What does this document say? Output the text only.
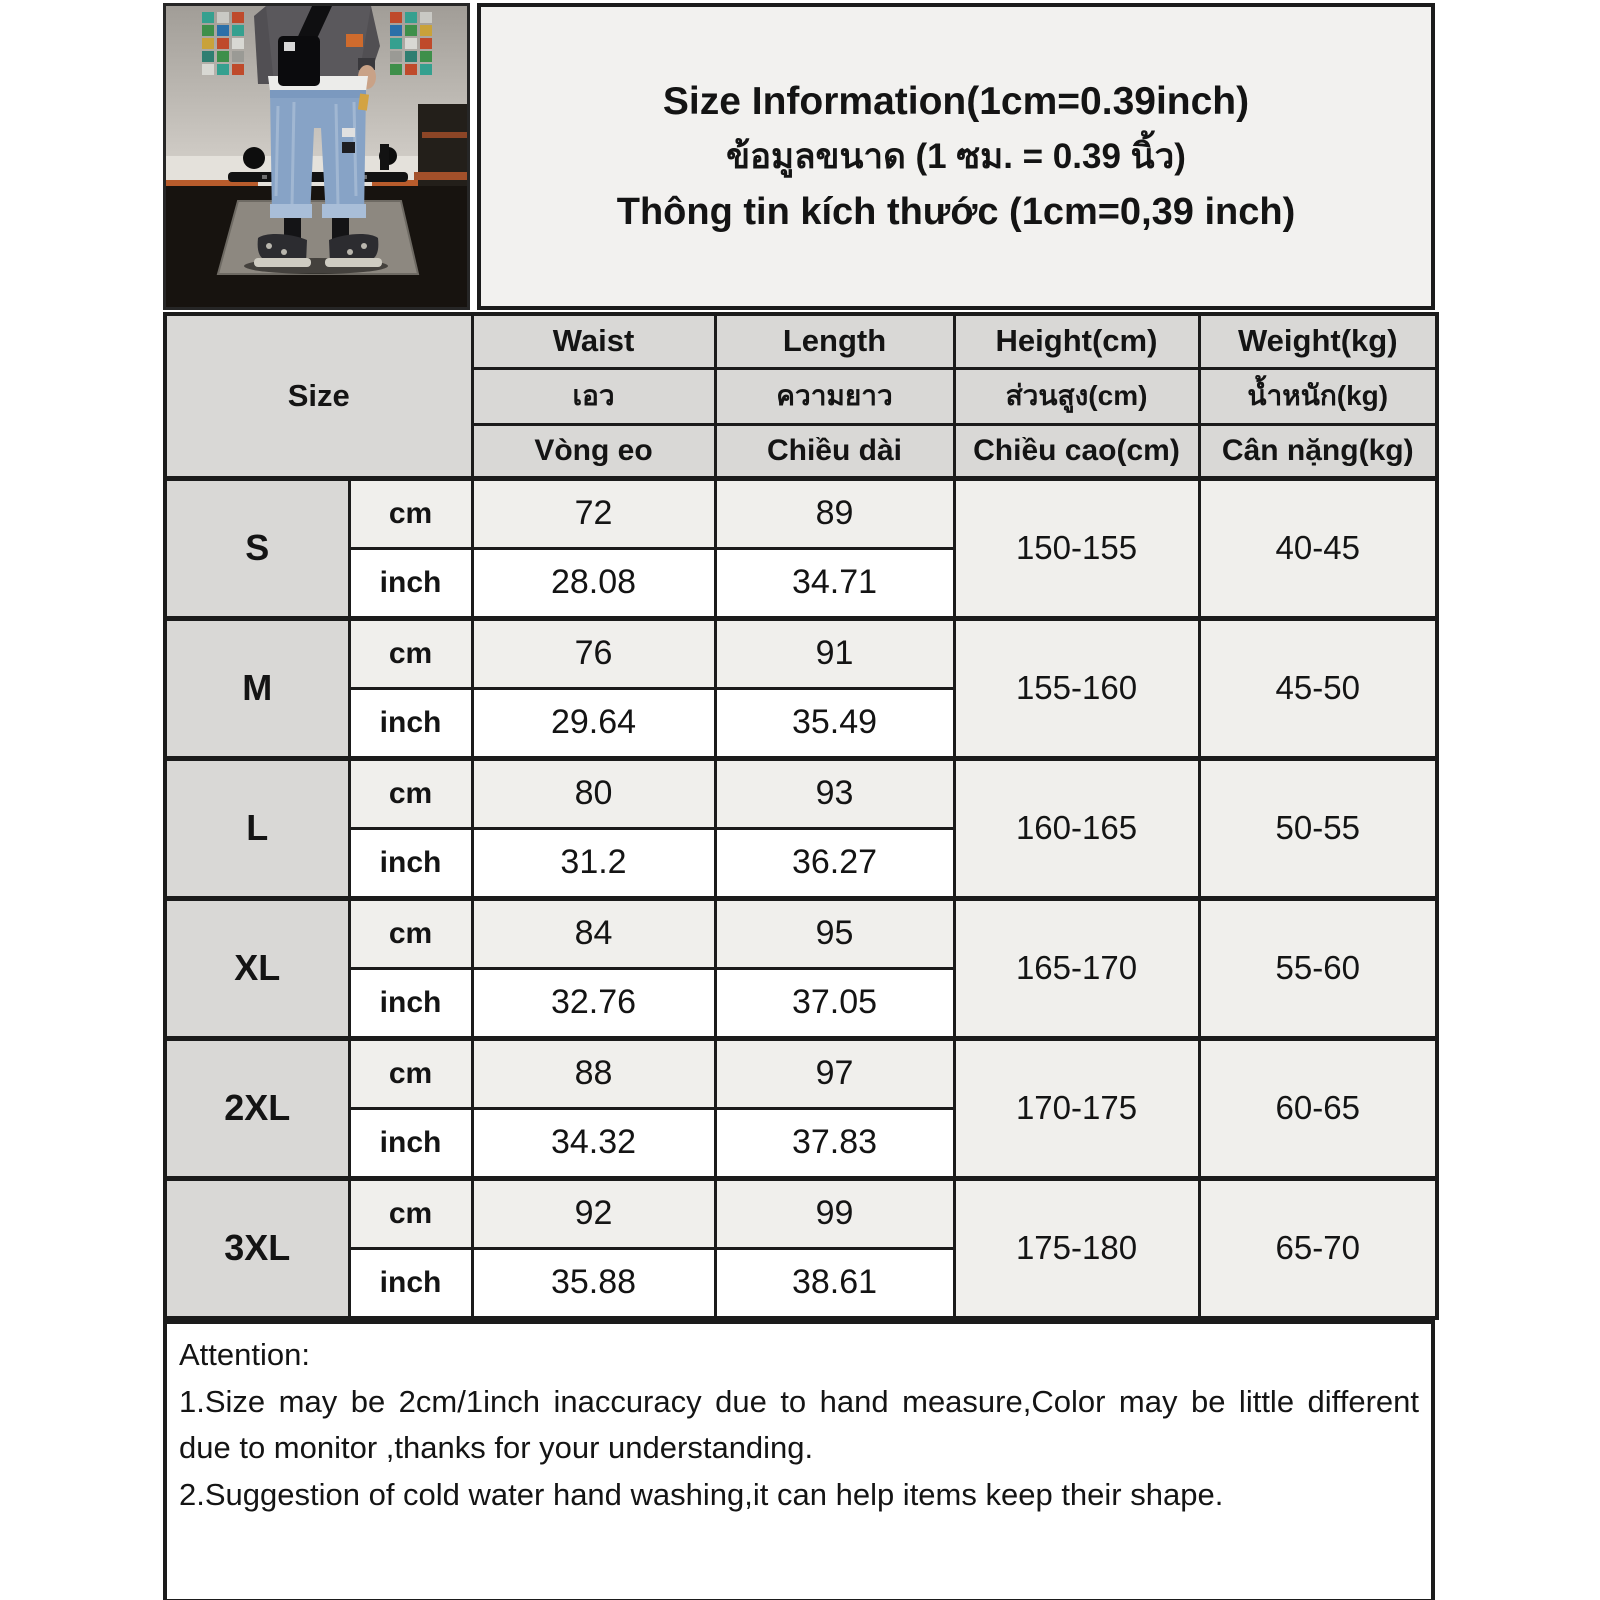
Size Information(1cm=0.39inch)
ข้อมูลขนาด (1 ซม. = 0.39 นิ้ว)
Thông tin kích thước (1cm=0,39 inch)
Size		Waist	Length	Height(cm)	Weight(kg)
		เอว	ความยาว	ส่วนสูง(cm)	น้ำหนัก(kg)
		Vòng eo	Chiều dài	Chiều cao(cm)	Cân nặng(kg)
S	cm	72	89	150-155	40-45
	inch	28.08	34.71		
M	cm	76	91	155-160	45-50
	inch	29.64	35.49		
L	cm	80	93	160-165	50-55
	inch	31.2	36.27		
XL	cm	84	95	165-170	55-60
	inch	32.76	37.05		
2XL	cm	88	97	170-175	60-65
	inch	34.32	37.83		
3XL	cm	92	99	175-180	65-70
	inch	35.88	38.61		

Attention:

1.Size may be 2cm/1inch inaccuracy due to hand measure,Color may be little different due to monitor ,thanks for your understanding.

2.Suggestion of cold water hand washing,it can help items keep their shape.
